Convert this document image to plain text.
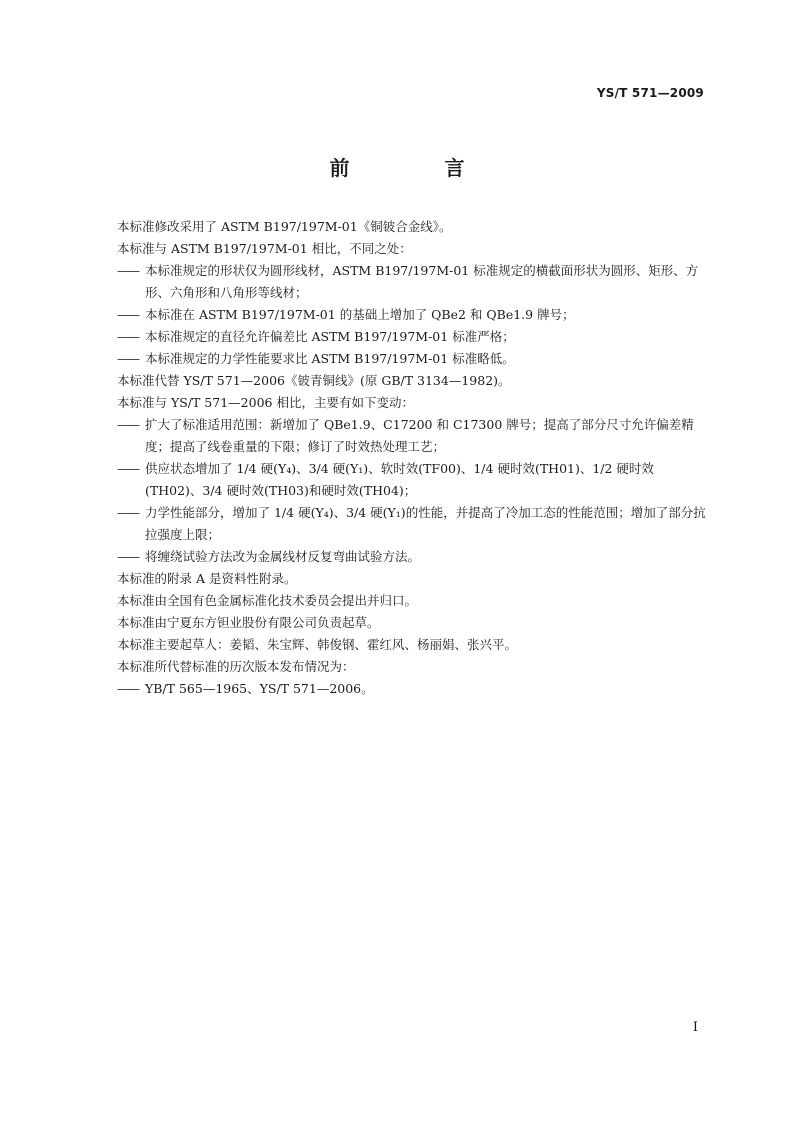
YS/T 571—2009
前 言

本标准修改采用了 ASTM B197/197M-01《铜铍合金线》。

本标准与 ASTM B197/197M-01 相比，不同之处：

—— 本标准规定的形状仅为圆形线材，ASTM B197/197M-01 标准规定的横截面形状为圆形、矩形、方形、六角形和八角形等线材；

—— 本标准在 ASTM B197/197M-01 的基础上增加了 QBe2 和 QBe1.9 牌号；

—— 本标准规定的直径允许偏差比 ASTM B197/197M-01 标准严格；

—— 本标准规定的力学性能要求比 ASTM B197/197M-01 标准略低。

本标准代替 YS/T 571—2006《铍青铜线》(原 GB/T 3134—1982)。

本标准与 YS/T 571—2006 相比，主要有如下变动：

—— 扩大了标准适用范围：新增加了 QBe1.9、C17200 和 C17300 牌号；提高了部分尺寸允许偏差精度；提高了线卷重量的下限；修订了时效热处理工艺；

—— 供应状态增加了 1/4 硬(Y₄)、3/4 硬(Y₁)、软时效(TF00)、1/4 硬时效(TH01)、1/2 硬时效(TH02)、3/4 硬时效(TH03)和硬时效(TH04)；

—— 力学性能部分，增加了 1/4 硬(Y₄)、3/4 硬(Y₁)的性能，并提高了冷加工态的性能范围；增加了部分抗拉强度上限；

—— 将缠绕试验方法改为金属线材反复弯曲试验方法。

本标准的附录 A 是资料性附录。

本标准由全国有色金属标准化技术委员会提出并归口。

本标准由宁夏东方钽业股份有限公司负责起草。

本标准主要起草人：姜韬、朱宝辉、韩俊钢、霍红风、杨丽娟、张兴平。

本标准所代替标准的历次版本发布情况为：

—— YB/T 565—1965、YS/T 571—2006。

I
